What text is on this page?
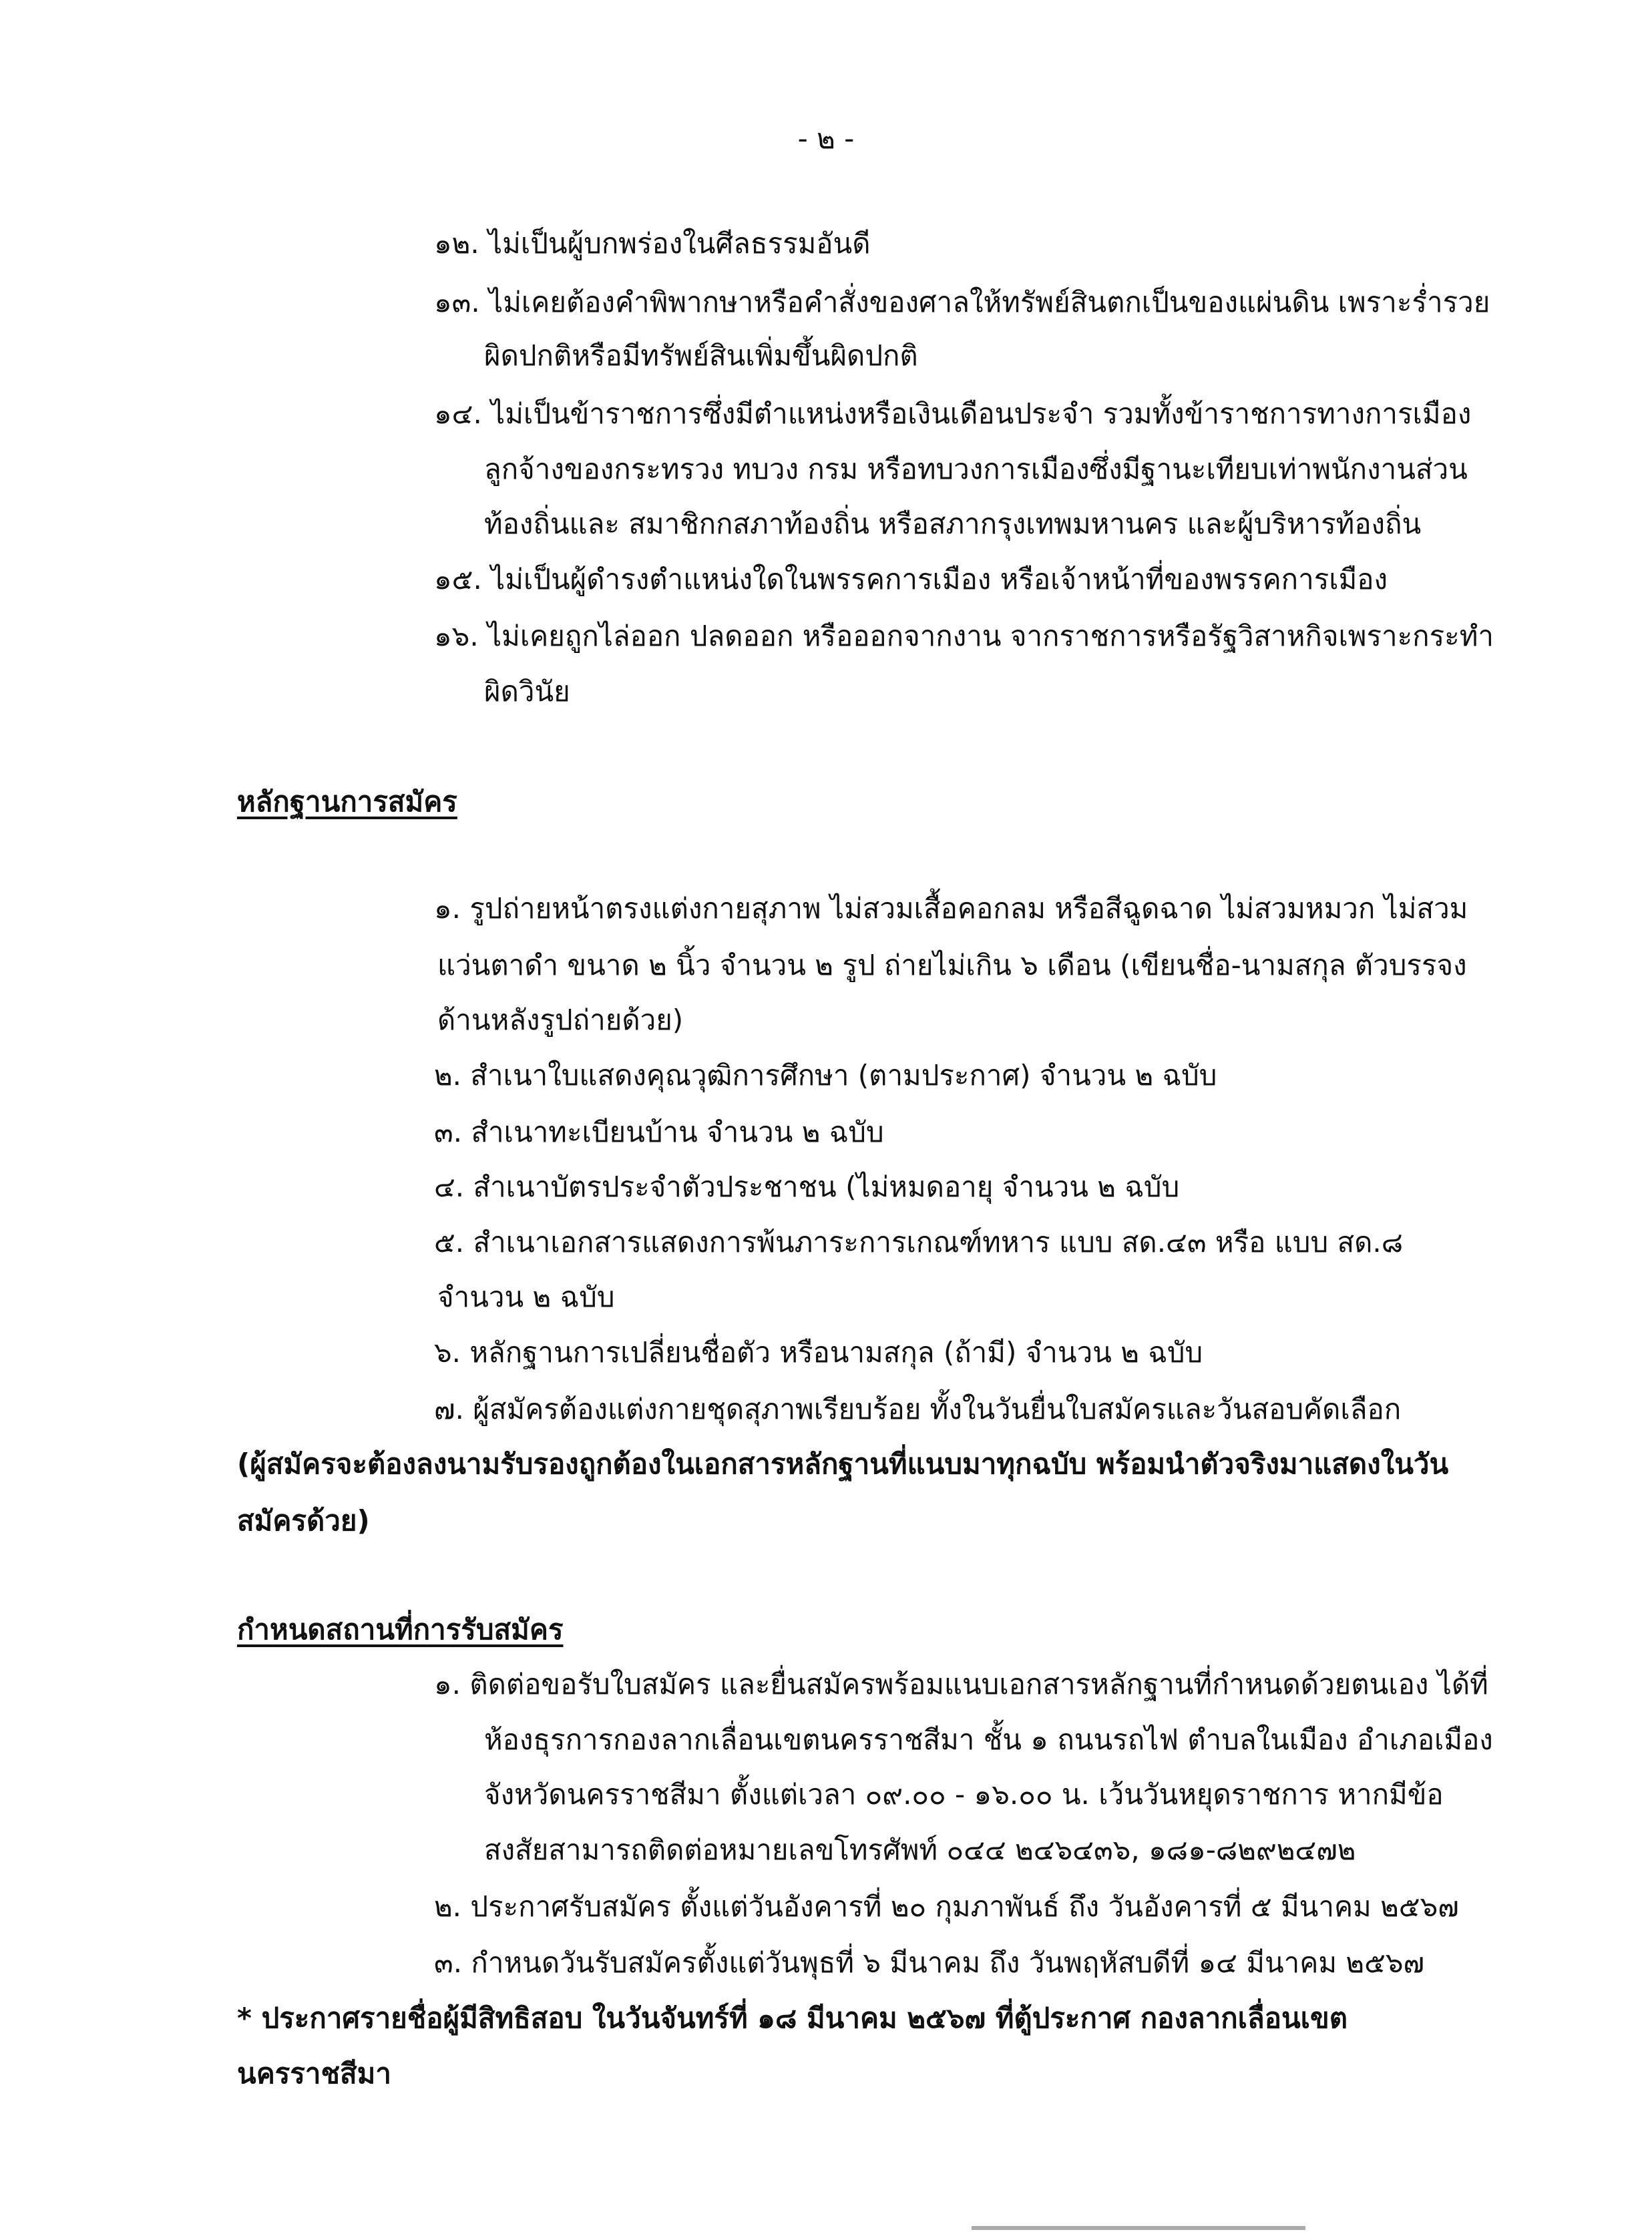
- ๒ -
๑๒. ไม่เป็นผู้บกพร่องในศีลธรรมอันดี
๑๓. ไม่เคยต้องคำพิพากษาหรือคำสั่งของศาลให้ทรัพย์สินตกเป็นของแผ่นดิน เพราะร่ำรวย
ผิดปกติหรือมีทรัพย์สินเพิ่มขึ้นผิดปกติ
๑๔. ไม่เป็นข้าราชการซึ่งมีตำแหน่งหรือเงินเดือนประจำ รวมทั้งข้าราชการทางการเมือง
ลูกจ้างของกระทรวง ทบวง กรม หรือทบวงการเมืองซึ่งมีฐานะเทียบเท่าพนักงานส่วน
ท้องถิ่นและ สมาชิกกสภาท้องถิ่น หรือสภากรุงเทพมหานคร และผู้บริหารท้องถิ่น
๑๕. ไม่เป็นผู้ดำรงตำแหน่งใดในพรรคการเมือง หรือเจ้าหน้าที่ของพรรคการเมือง
๑๖. ไม่เคยถูกไล่ออก ปลดออก หรือออกจากงาน จากราชการหรือรัฐวิสาหกิจเพราะกระทำ
ผิดวินัย
หลักฐานการสมัคร
๑. รูปถ่ายหน้าตรงแต่งกายสุภาพ ไม่สวมเสื้อคอกลม หรือสีฉูดฉาด ไม่สวมหมวก ไม่สวม
แว่นตาดำ ขนาด ๒ นิ้ว จำนวน ๒ รูป ถ่ายไม่เกิน ๖ เดือน (เขียนชื่อ-นามสกุล ตัวบรรจง
ด้านหลังรูปถ่ายด้วย)
๒. สำเนาใบแสดงคุณวุฒิการศึกษา (ตามประกาศ) จำนวน ๒ ฉบับ
๓. สำเนาทะเบียนบ้าน จำนวน ๒ ฉบับ
๔. สำเนาบัตรประจำตัวประชาชน (ไม่หมดอายุ จำนวน ๒ ฉบับ
๕. สำเนาเอกสารแสดงการพ้นภาระการเกณฑ์ทหาร แบบ สด.๔๓ หรือ แบบ สด.๘
จำนวน ๒ ฉบับ
๖. หลักฐานการเปลี่ยนชื่อตัว หรือนามสกุล (ถ้ามี) จำนวน ๒ ฉบับ
๗. ผู้สมัครต้องแต่งกายชุดสุภาพเรียบร้อย ทั้งในวันยื่นใบสมัครและวันสอบคัดเลือก
(ผู้สมัครจะต้องลงนามรับรองถูกต้องในเอกสารหลักฐานที่แนบมาทุกฉบับ พร้อมนำตัวจริงมาแสดงในวัน
สมัครด้วย)
กำหนดสถานที่การรับสมัคร
๑. ติดต่อขอรับใบสมัคร และยื่นสมัครพร้อมแนบเอกสารหลักฐานที่กำหนดด้วยตนเอง ได้ที่
ห้องธุรการกองลากเลื่อนเขตนครราชสีมา ชั้น ๑ ถนนรถไฟ ตำบลในเมือง อำเภอเมือง
จังหวัดนครราชสีมา ตั้งแต่เวลา ๐๙.๐๐ - ๑๖.๐๐ น. เว้นวันหยุดราชการ หากมีข้อ
สงสัยสามารถติดต่อหมายเลขโทรศัพท์ ๐๔๔ ๒๔๖๔๓๖, ๑๘๑-๘๒๙๒๔๗๒
๒. ประกาศรับสมัคร ตั้งแต่วันอังคารที่ ๒๐ กุมภาพันธ์ ถึง วันอังคารที่ ๕ มีนาคม ๒๕๖๗
๓. กำหนดวันรับสมัครตั้งแต่วันพุธที่ ๖ มีนาคม ถึง วันพฤหัสบดีที่ ๑๔ มีนาคม ๒๕๖๗
* ประกาศรายชื่อผู้มีสิทธิสอบ ในวันจันทร์ที่ ๑๘ มีนาคม ๒๕๖๗ ที่ตู้ประกาศ กองลากเลื่อนเขต
นครราชสีมา
